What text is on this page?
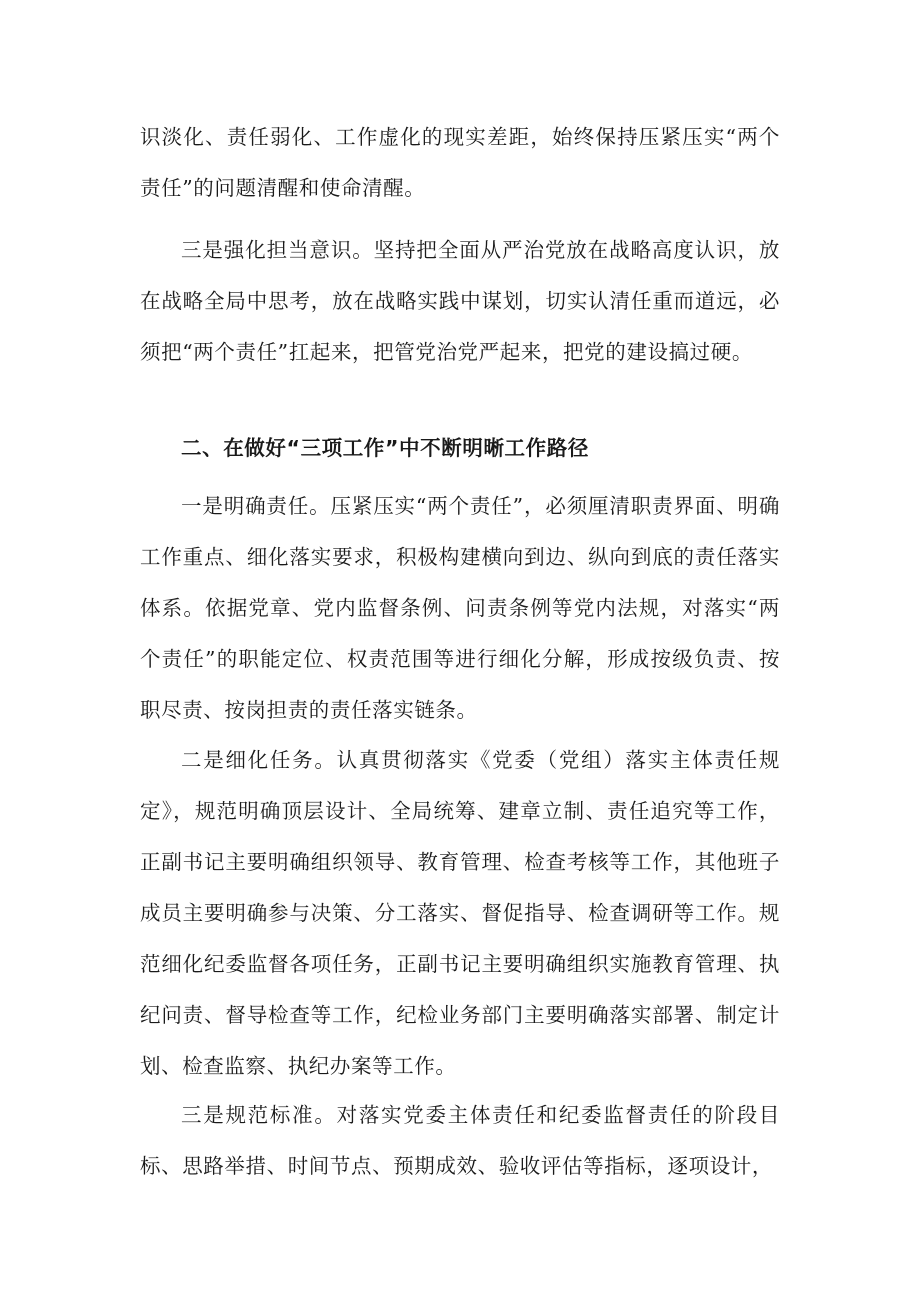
识淡化、责任弱化、工作虚化的现实差距，始终保持压紧压实“两个责任”的问题清醒和使命清醒。

三是强化担当意识。坚持把全面从严治党放在战略高度认识，放在战略全局中思考，放在战略实践中谋划，切实认清任重而道远，必须把“两个责任”扛起来，把管党治党严起来，把党的建设搞过硬。

二、在做好“三项工作”中不断明晰工作路径

一是明确责任。压紧压实“两个责任”，必须厘清职责界面、明确工作重点、细化落实要求，积极构建横向到边、纵向到底的责任落实体系。依据党章、党内监督条例、问责条例等党内法规，对落实“两个责任”的职能定位、权责范围等进行细化分解，形成按级负责、按职尽责、按岗担责的责任落实链条。

二是细化任务。认真贯彻落实《党委（党组）落实主体责任规定》，规范明确顶层设计、全局统筹、建章立制、责任追究等工作，正副书记主要明确组织领导、教育管理、检查考核等工作，其他班子成员主要明确参与决策、分工落实、督促指导、检查调研等工作。规范细化纪委监督各项任务，正副书记主要明确组织实施教育管理、执纪问责、督导检查等工作，纪检业务部门主要明确落实部署、制定计划、检查监察、执纪办案等工作。

三是规范标准。对落实党委主体责任和纪委监督责任的阶段目标、思路举措、时间节点、预期成效、验收评估等指标，逐项设计，
